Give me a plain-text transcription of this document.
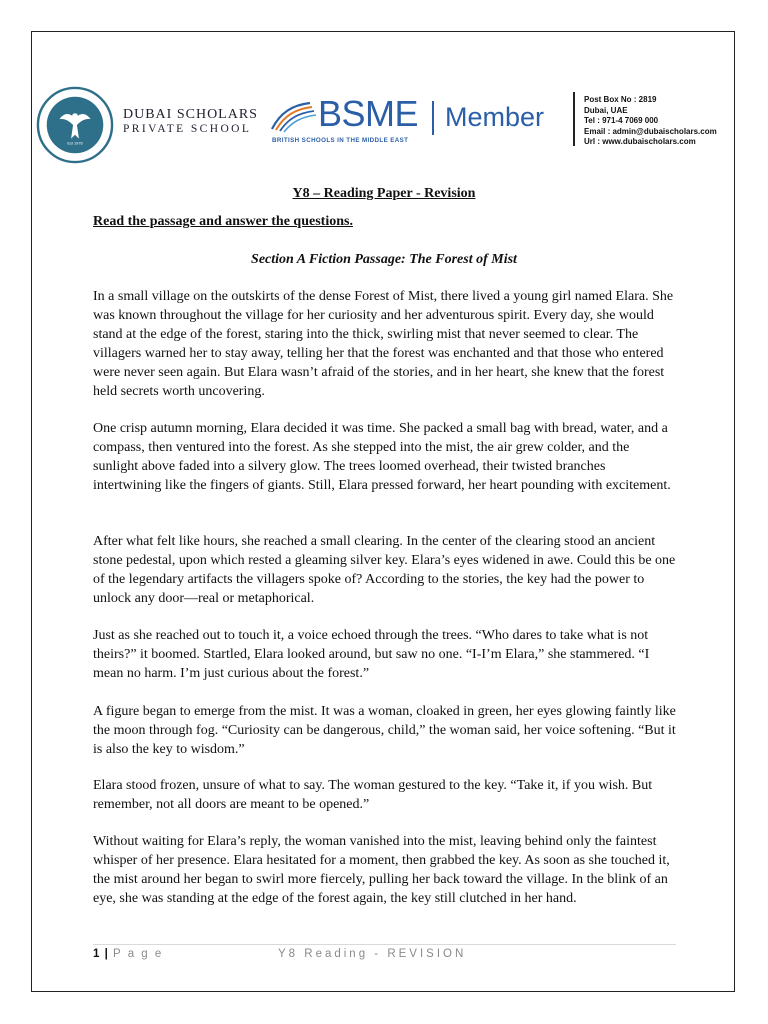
Est 1976
DUBAI SCHOLARS
PRIVATE SCHOOL BSME
BRITISH SCHOOLS IN THE MIDDLE EAST
Member
Post Box No : 2819
Dubai, UAE
Tel : 971-4 7069 000
Email : admin@dubaischolars.com
Url : www.dubaischolars.com
Y8 – Reading Paper - Revision
Read the passage and answer the questions.
Section A Fiction Passage: The Forest of Mist

In a small village on the outskirts of the dense Forest of Mist, there lived a young girl named Elara. She was known throughout the village for her curiosity and her adventurous spirit. Every day, she would stand at the edge of the forest, staring into the thick, swirling mist that never seemed to clear. The villagers warned her to stay away, telling her that the forest was enchanted and that those who entered were never seen again. But Elara wasn’t afraid of the stories, and in her heart, she knew that the forest held secrets worth uncovering.

One crisp autumn morning, Elara decided it was time. She packed a small bag with bread, water, and a compass, then ventured into the forest. As she stepped into the mist, the air grew colder, and the sunlight above faded into a silvery glow. The trees loomed overhead, their twisted branches intertwining like the fingers of giants. Still, Elara pressed forward, her heart pounding with excitement.

After what felt like hours, she reached a small clearing. In the center of the clearing stood an ancient stone pedestal, upon which rested a gleaming silver key. Elara’s eyes widened in awe. Could this be one of the legendary artifacts the villagers spoke of? According to the stories, the key had the power to unlock any door—real or metaphorical.

Just as she reached out to touch it, a voice echoed through the trees. “Who dares to take what is not theirs?” it boomed. Startled, Elara looked around, but saw no one. “I-I’m Elara,” she stammered. “I mean no harm. I’m just curious about the forest.”

A figure began to emerge from the mist. It was a woman, cloaked in green, her eyes glowing faintly like the moon through fog. “Curiosity can be dangerous, child,” the woman said, her voice softening. “But it is also the key to wisdom.”

Elara stood frozen, unsure of what to say. The woman gestured to the key. “Take it, if you wish. But remember, not all doors are meant to be opened.”

Without waiting for Elara’s reply, the woman vanished into the mist, leaving behind only the faintest whisper of her presence. Elara hesitated for a moment, then grabbed the key. As soon as she touched it, the mist around her began to swirl more fiercely, pulling her back toward the village. In the blink of an eye, she was standing at the edge of the forest again, the key still clutched in her hand.

1 | P a g e	Y8 Reading - REVISION
